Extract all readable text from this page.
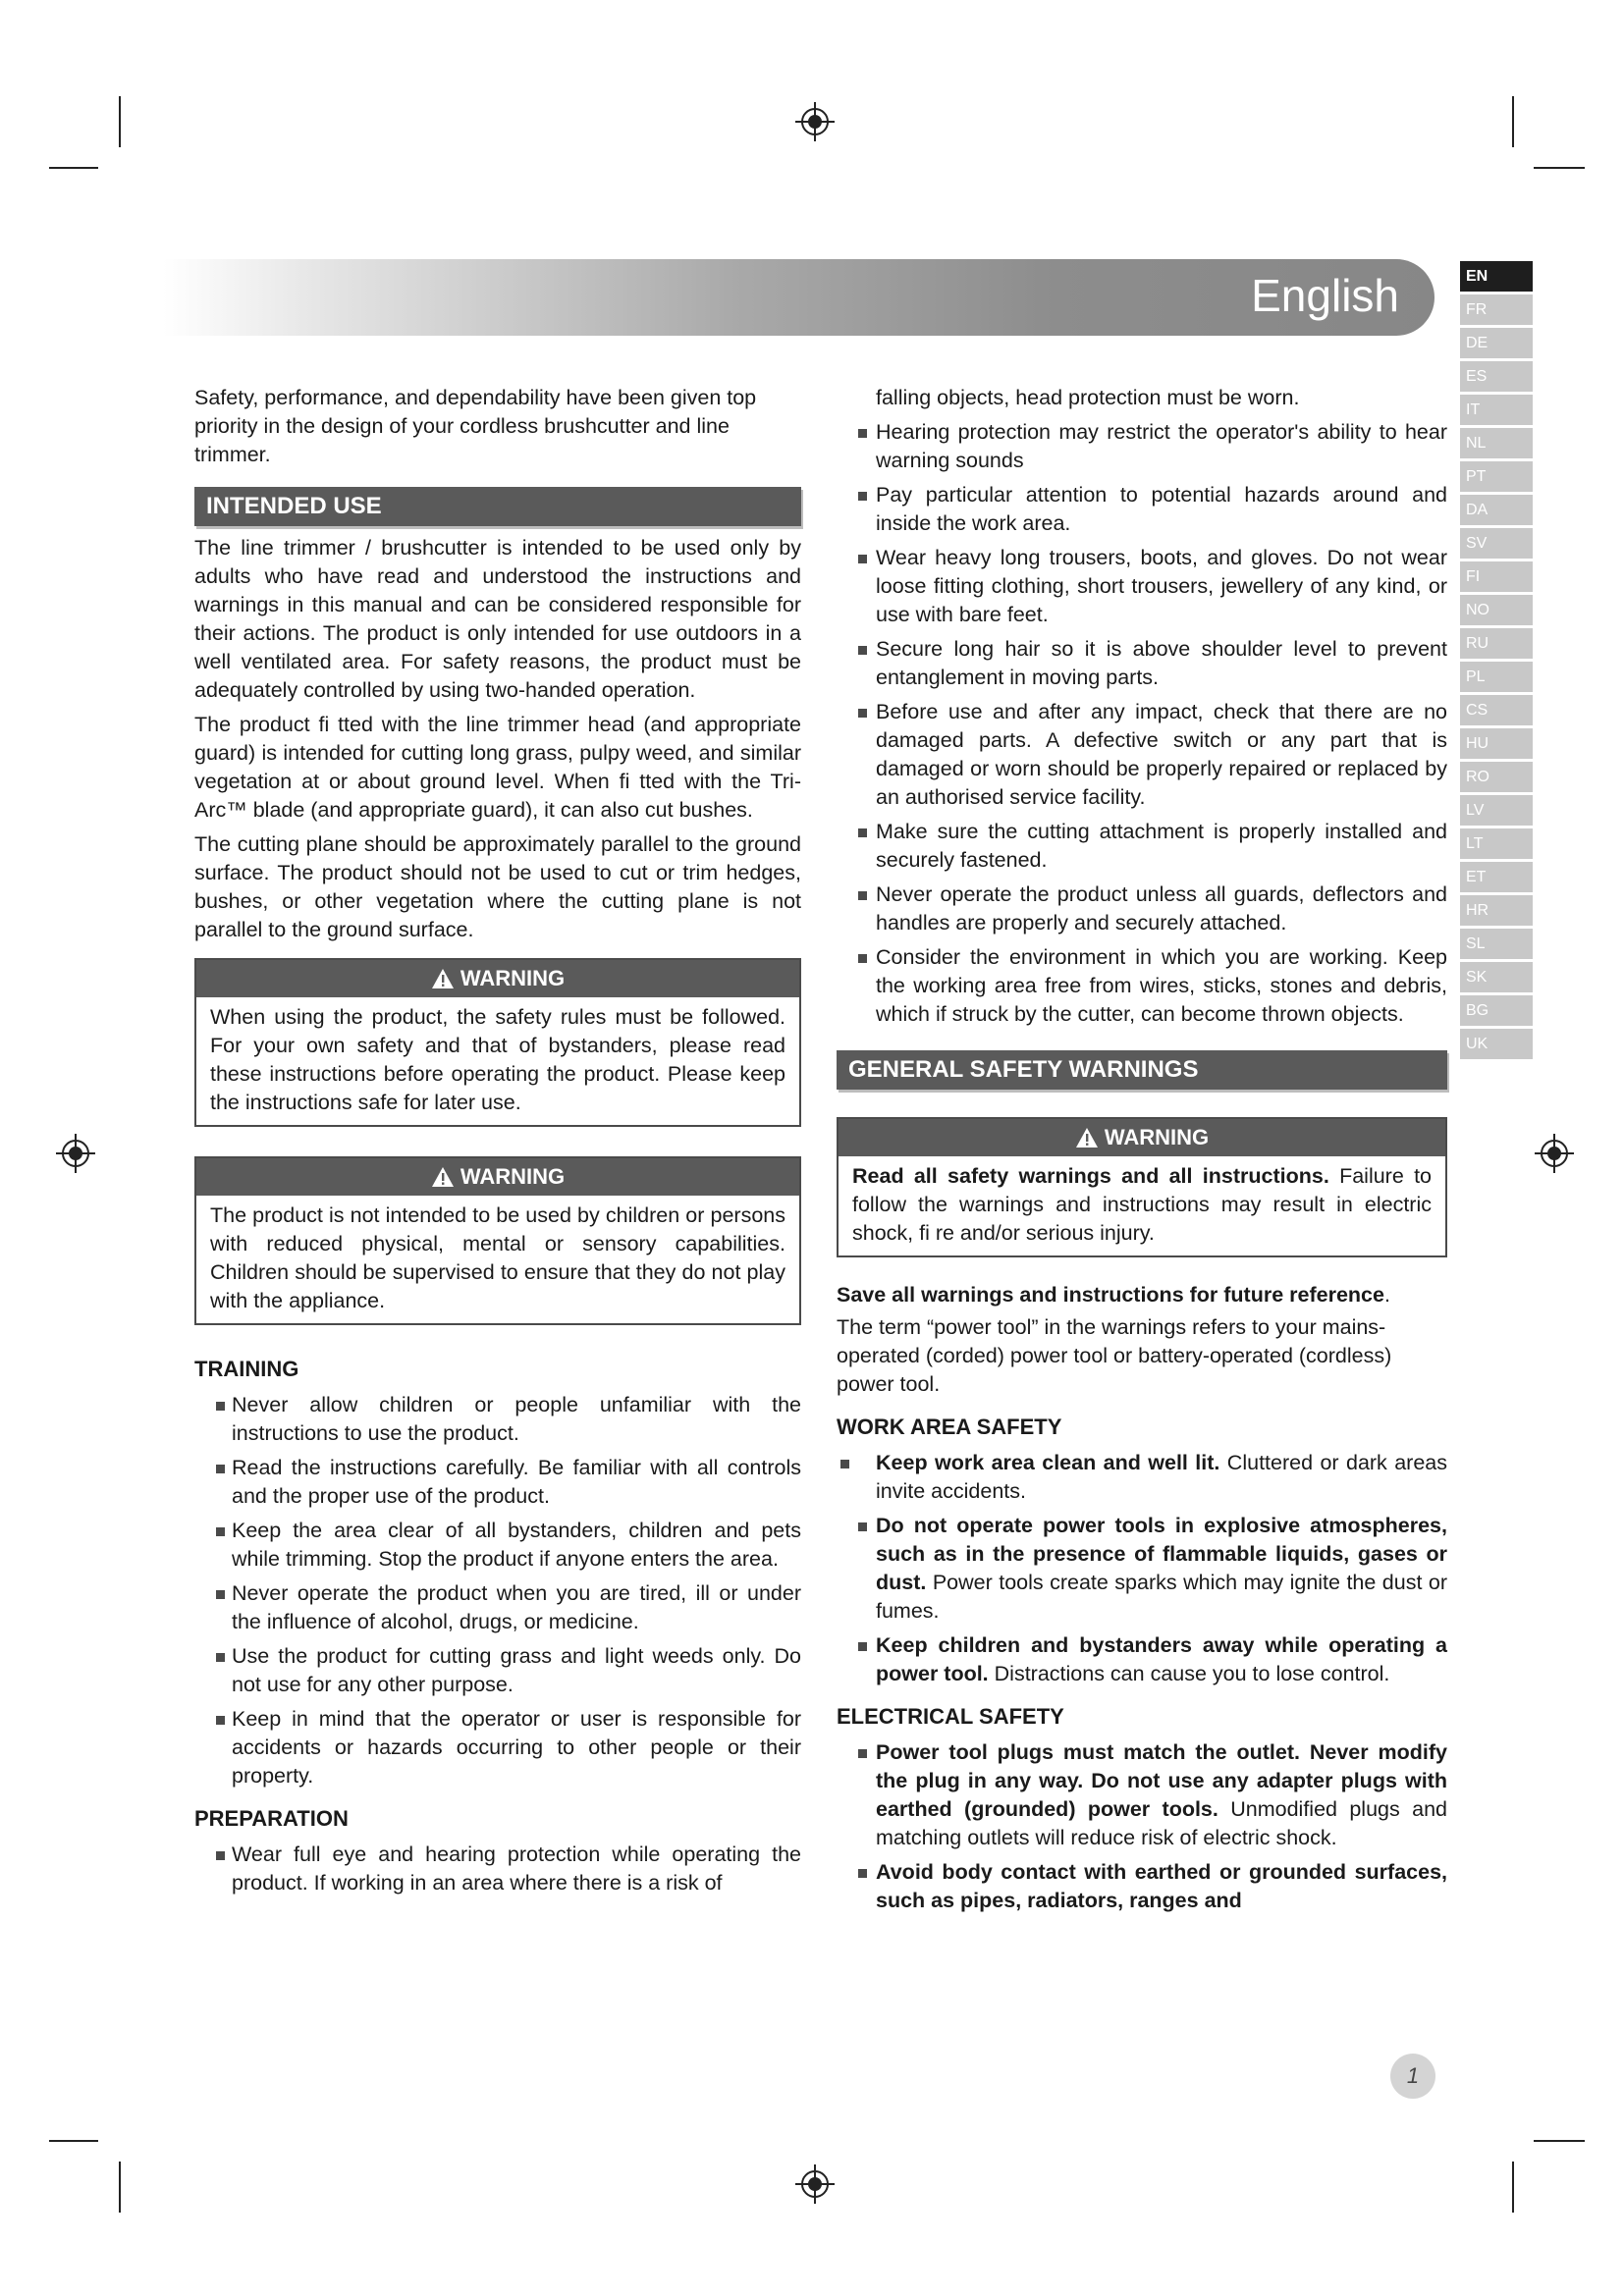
English	EN
FR
DE
ES
IT
NL
PT
DA
SV
FI
NO
RU
PL
CS
HU
RO
LV
LT
ET
HR
SL
SK
BG
UK

Safety, performance, and dependability have been given top priority in the design of your cordless brushcutter and line trimmer.

INTENDED USE

The line trimmer / brushcutter is intended to be used only by adults who have read and understood the instructions and warnings in this manual and can be considered responsible for their actions. The product is only intended for use outdoors in a well ventilated area. For safety reasons, the product must be adequately controlled by using two-handed operation.

The product fi tted with the line trimmer head (and appropriate guard) is intended for cutting long grass, pulpy weed, and similar vegetation at or about ground level. When fi tted with the Tri-Arc™ blade (and appropriate guard), it can also cut bushes.

The cutting plane should be approximately parallel to the ground surface. The product should not be used to cut or trim hedges, bushes, or other vegetation where the cutting plane is not parallel to the ground surface.

WARNING
When using the product, the safety rules must be followed. For your own safety and that of bystanders, please read these instructions before operating the product. Please keep the instructions safe for later use.
WARNING
The product is not intended to be used by children or persons with reduced physical, mental or sensory capabilities. Children should be supervised to ensure that they do not play with the appliance.
TRAINING
Never allow children or people unfamiliar with the instructions to use the product.
Read the instructions carefully. Be familiar with all controls and the proper use of the product.
Keep the area clear of all bystanders, children and pets while trimming. Stop the product if anyone enters the area.
Never operate the product when you are tired, ill or under the influence of alcohol, drugs, or medicine.
Use the product for cutting grass and light weeds only. Do not use for any other purpose.
Keep in mind that the operator or user is responsible for accidents or hazards occurring to other people or their property.
PREPARATION
Wear full eye and hearing protection while operating the product. If working in an area where there is a risk of

falling objects, head protection must be worn.

Hearing protection may restrict the operator's ability to hear warning sounds
Pay particular attention to potential hazards around and inside the work area.
Wear heavy long trousers, boots, and gloves. Do not wear loose fitting clothing, short trousers, jewellery of any kind, or use with bare feet.
Secure long hair so it is above shoulder level to prevent entanglement in moving parts.
Before use and after any impact, check that there are no damaged parts. A defective switch or any part that is damaged or worn should be properly repaired or replaced by an authorised service facility.
Make sure the cutting attachment is properly installed and securely fastened.
Never operate the product unless all guards, deflectors and handles are properly and securely attached.
Consider the environment in which you are working. Keep the working area free from wires, sticks, stones and debris, which if struck by the cutter, can become thrown objects.
GENERAL SAFETY WARNINGS
WARNING
Read all safety warnings and all instructions. Failure to follow the warnings and instructions may result in electric shock, fi re and/or serious injury.

Save all warnings and instructions for future reference.

The term “power tool” in the warnings refers to your mains-operated (corded) power tool or battery-operated (cordless) power tool.

WORK AREA SAFETY
Keep work area clean and well lit. Cluttered or dark areas invite accidents.
Do not operate power tools in explosive atmospheres, such as in the presence of flammable liquids, gases or dust. Power tools create sparks which may ignite the dust or fumes.
Keep children and bystanders away while operating a power tool. Distractions can cause you to lose control.
ELECTRICAL SAFETY
Power tool plugs must match the outlet. Never modify the plug in any way. Do not use any adapter plugs with earthed (grounded) power tools. Unmodified plugs and matching outlets will reduce risk of electric shock.
Avoid body contact with earthed or grounded surfaces, such as pipes, radiators, ranges and
1
